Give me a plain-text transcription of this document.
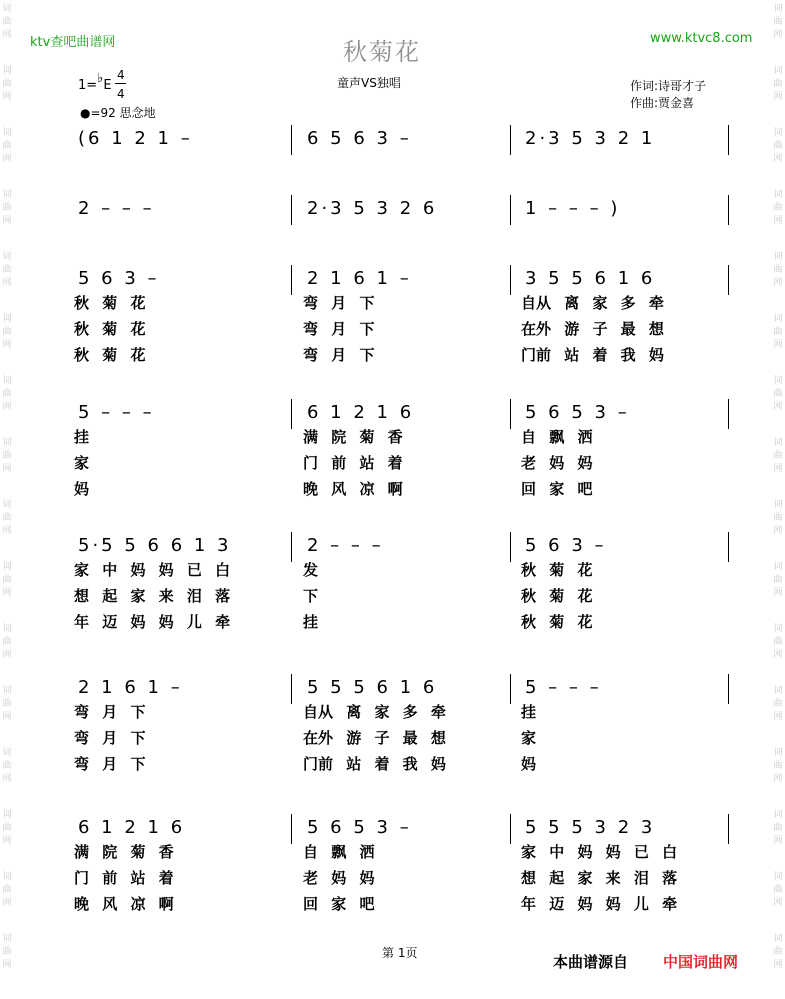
词
曲
网
词
曲
网
词
曲
网
词
曲
网
词
曲
网
词
曲
网
词
曲
网
词
曲
网
词
曲
网
词
曲
网
词
曲
网
词
曲
网
词
曲
网
词
曲
网
词
曲
网
词
曲
网
词
曲
网
词
曲
网
词
曲
网
词
曲
网
词
曲
网
词
曲
网
词
曲
网
词
曲
网
词
曲
网
词
曲
网
词
曲
网
词
曲
网
词
曲
网
词
曲
网
词
曲
网
词
曲
网
ktv查吧曲谱网	www.ktvc8.com
秋菊花
童声VS独唱	作词:诗哥才子
作曲:贾金喜
1=♭E
4
4
●=92 思念地
(6 1 2 1 –	6 5 6 3 –	2·3 5 3 2 1
2 – – –	2·3 5 3 2 6	1 – – – )
5 6 3 –	2 1 6 1 –	3 5 5 6 1 6
秋 菊 花	弯 月 下	自从 离 家 多 牵
秋 菊 花	弯 月 下	在外 游 子 最 想
秋 菊 花	弯 月 下	门前 站 着 我 妈
5 – – –	6 1 2 1 6	5 6 5 3 –
挂	满 院 菊 香	自 飘 洒
家	门 前 站 着	老 妈 妈
妈	晚 风 凉 啊	回 家 吧
5·5 5 6 6 1 3	2 – – –	5 6 3 –
家 中 妈 妈 已 白	发	秋 菊 花
想 起 家 来 泪 落	下	秋 菊 花
年 迈 妈 妈 儿 牵	挂	秋 菊 花
2 1 6 1 –	5 5 5 6 1 6	5 – – –
弯 月 下	自从 离 家 多 牵	挂
弯 月 下	在外 游 子 最 想	家
弯 月 下	门前 站 着 我 妈	妈
6 1 2 1 6	5 6 5 3 –	5 5 5 3 2 3
满 院 菊 香	自 飘 洒	家 中 妈 妈 已 白
门 前 站 着	老 妈 妈	想 起 家 来 泪 落
晚 风 凉 啊	回 家 吧	年 迈 妈 妈 儿 牵
第 1页	本曲谱源自 中国词曲网
